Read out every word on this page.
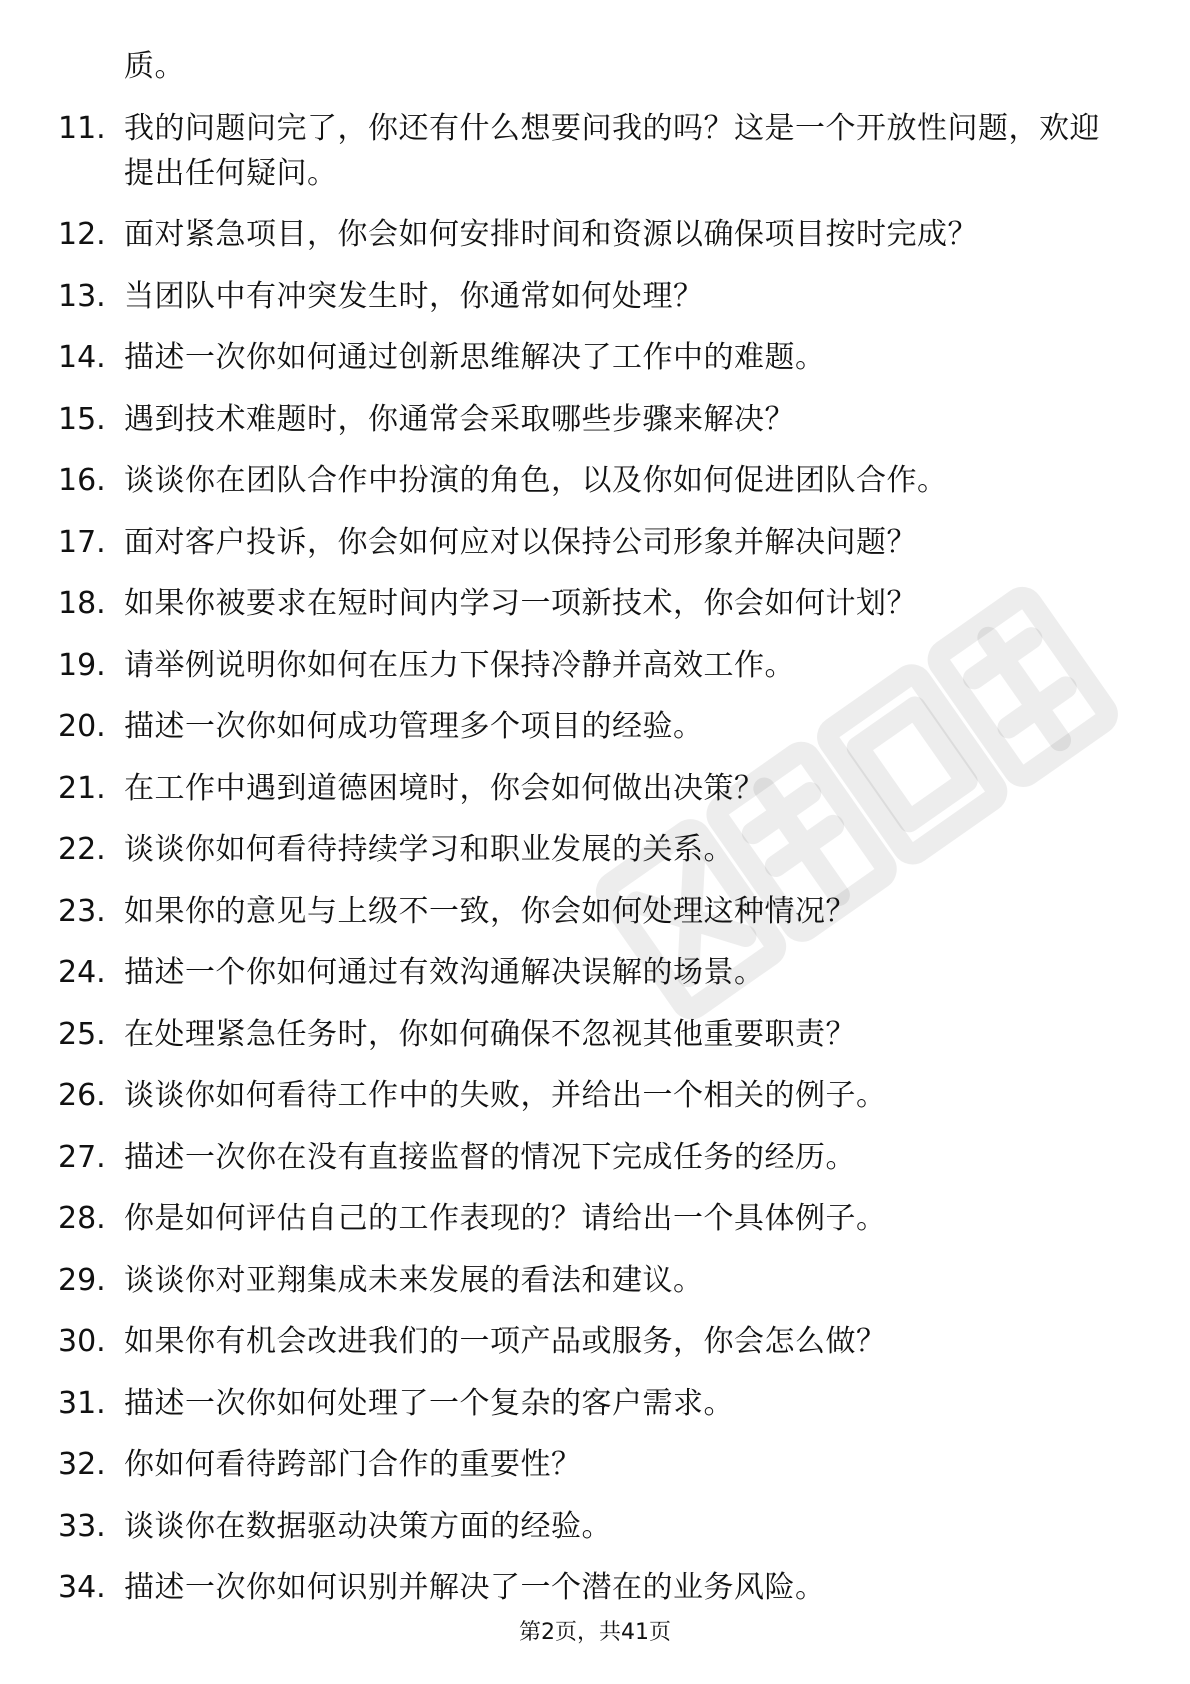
质。
11. 我的问题问完了，你还有什么想要问我的吗？这是一个开放性问题，欢迎提出任何疑问。
12. 面对紧急项目，你会如何安排时间和资源以确保项目按时完成？
13. 当团队中有冲突发生时，你通常如何处理？
14. 描述一次你如何通过创新思维解决了工作中的难题。
15. 遇到技术难题时，你通常会采取哪些步骤来解决？
16. 谈谈你在团队合作中扮演的角色，以及你如何促进团队合作。
17. 面对客户投诉，你会如何应对以保持公司形象并解决问题？
18. 如果你被要求在短时间内学习一项新技术，你会如何计划？
19. 请举例说明你如何在压力下保持冷静并高效工作。
20. 描述一次你如何成功管理多个项目的经验。
21. 在工作中遇到道德困境时，你会如何做出决策？
22. 谈谈你如何看待持续学习和职业发展的关系。
23. 如果你的意见与上级不一致，你会如何处理这种情况？
24. 描述一个你如何通过有效沟通解决误解的场景。
25. 在处理紧急任务时，你如何确保不忽视其他重要职责？
26. 谈谈你如何看待工作中的失败，并给出一个相关的例子。
27. 描述一次你在没有直接监督的情况下完成任务的经历。
28. 你是如何评估自己的工作表现的？请给出一个具体例子。
29. 谈谈你对亚翔集成未来发展的看法和建议。
30. 如果你有机会改进我们的一项产品或服务，你会怎么做？
31. 描述一次你如何处理了一个复杂的客户需求。
32. 你如何看待跨部门合作的重要性？
33. 谈谈你在数据驱动决策方面的经验。
34. 描述一次你如何识别并解决了一个潜在的业务风险。
第2页，共41页
